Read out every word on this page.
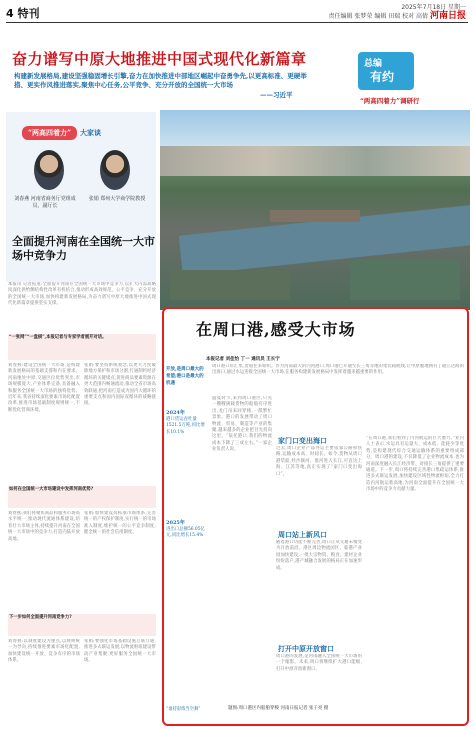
4 特刊	2025年7月18日 星期一
责任编辑 张梦荣 编辑 田瑞 校对 高倩 河南日报
奋力谱写中原大地推进中国式现代化新篇章
构建新发展格局,建设坚强稳固增长引擎,奋力在加快推进中部地区崛起中奋勇争先,以更高标准、更硬举措、更实作风推进落实,聚焦中心任务,公平竞争、充分开放的全国统一大市场
——习近平
总编
有约
“两高四着力”调研行
“两高四着力”	大家谈
刘春燕 河南省商务厅党组成员、副厅长
张娟 郑州大学商学院教授
全面提升河南在全国统一大市场中竞争力
本报讯 记者报道:全面提升河南在全国统一大市场中竞争力,以扩大内需战略同深化供给侧结构性改革有机结合,推动形成高效规范、公平竞争、充分开放的全国统一大市场,加快构建新发展格局,为奋力谱写中原大地推进中国式现代化新篇章提供坚实支撑。
“一张网”“一盘棋”,本报记者与专家学者展开对话。
刘春燕:建设全国统一大市场,是构建新发展格局的基础支撑和内在要求。河南地处中原,交通区位优势突出,市场规模庞大,产业体系完备,具备融入和服务全国统一大市场的独特优势。近年来,我省持续深化要素市场化配置改革,推进市场基础制度规则统一,不断优化营商环境。
张娟:要坚持系统观念,以更大力度破除地方保护和市场分割,打通制约经济循环的关键堵点,促进商品要素资源在更大范围内畅通流动,推动全省市场高效联通,把河南打造成为国内大循环的重要支点和国内国际双循环的战略链接。
如何在全国统一大市场建设中发挥河南优势?
刘春燕:我们将聚焦商品和服务市场高水平统一,推动现代流通体系建设,培育壮大市场主体,持续提升河南在全国统一大市场中的竞争力,打造内陆开放高地。
张娟:加快建设高标准市场体系,完善统一的产权保护制度,实行统一的市场准入制度,维护统一的公平竞争制度,健全统一的社会信用制度。
下一步如何全面提升河南竞争力?
刘春燕:以制度建设为重点,以规则统一为导向,持续推进要素市场化配置,加快建设统一开放、竞争有序的市场体系。
张娟:要强化市场基础设施互联互通,推进多式联运发展,以物流枢纽建设带动产业集聚,更好服务全国统一大市场。
在周口港,感受大市场
本报记者 刘佳怡 丁一 通讯员 王长宁
开放,是周口最大的希望;港口是最大的机遇
2024年
港口货运吞吐量1521.5万吨,同比增长10.1%
2025年
进出口总额56.05亿元,同比增长15.4%
“谁持彩练当空舞”
周口港口岸汇集,货船往来如织。作为河南最大的内河港口,周口港已开通至长三角等地的集装箱航线,让中原腹地拥有了通江达海的出海口,通过水运连接全国统一大市场,在服务构建新发展格局中发挥着越来越重要的作用。
盛夏时节,来到周口港区,只见一艘艘满载货物的船舶有序进出,龙门吊来回穿梭,一派繁忙景象。港口的发展带动了周口物流、贸易、制造等产业的集聚,越来越多的企业把目光投向这里。“依托港口,我们的物流成本下降了三成左右。”一家企业负责人说。
家门口变出海口
过去,周口企业产品外运主要依靠公路和铁路,运输成本高、时间长。如今,货物从周口港装船,经沙颍河、淮河进入长江,可直达上海、江苏等地,真正实现了“家门口变出海口”。
周口站上新风口
随着港口功能不断完善,周口正从交通末梢变为开放前沿。港区周边物流园区、临港产业园加快建设,一批大宗物资、粮食、建材企业纷纷落户,港产城融合发展的格局正在加速形成。
打开中原开放窗口
周口港的发展,是河南融入全国统一大市场的一个缩影。未来,周口将继续扩大港口能级,打开中原开放新窗口。
“在周口港,我们看到了内河航运的巨大潜力。”业内人士表示,水运具有运量大、成本低、能耗少等优势,是构建现代综合交通运输体系的重要组成部分。周口港的建设,不仅降低了企业物流成本,也为河南深度融入长江经济带、对接长三角提供了重要通道。下一步,周口将持续完善港口集疏运体系,推进多式联运发展,加快建设区域性物流枢纽,全力打造内河航运新高地,为河南全面提升在全国统一大市场中的竞争力贡献力量。
题图:周口港区内船舶穿梭 河南日报记者 张子亮 摄
